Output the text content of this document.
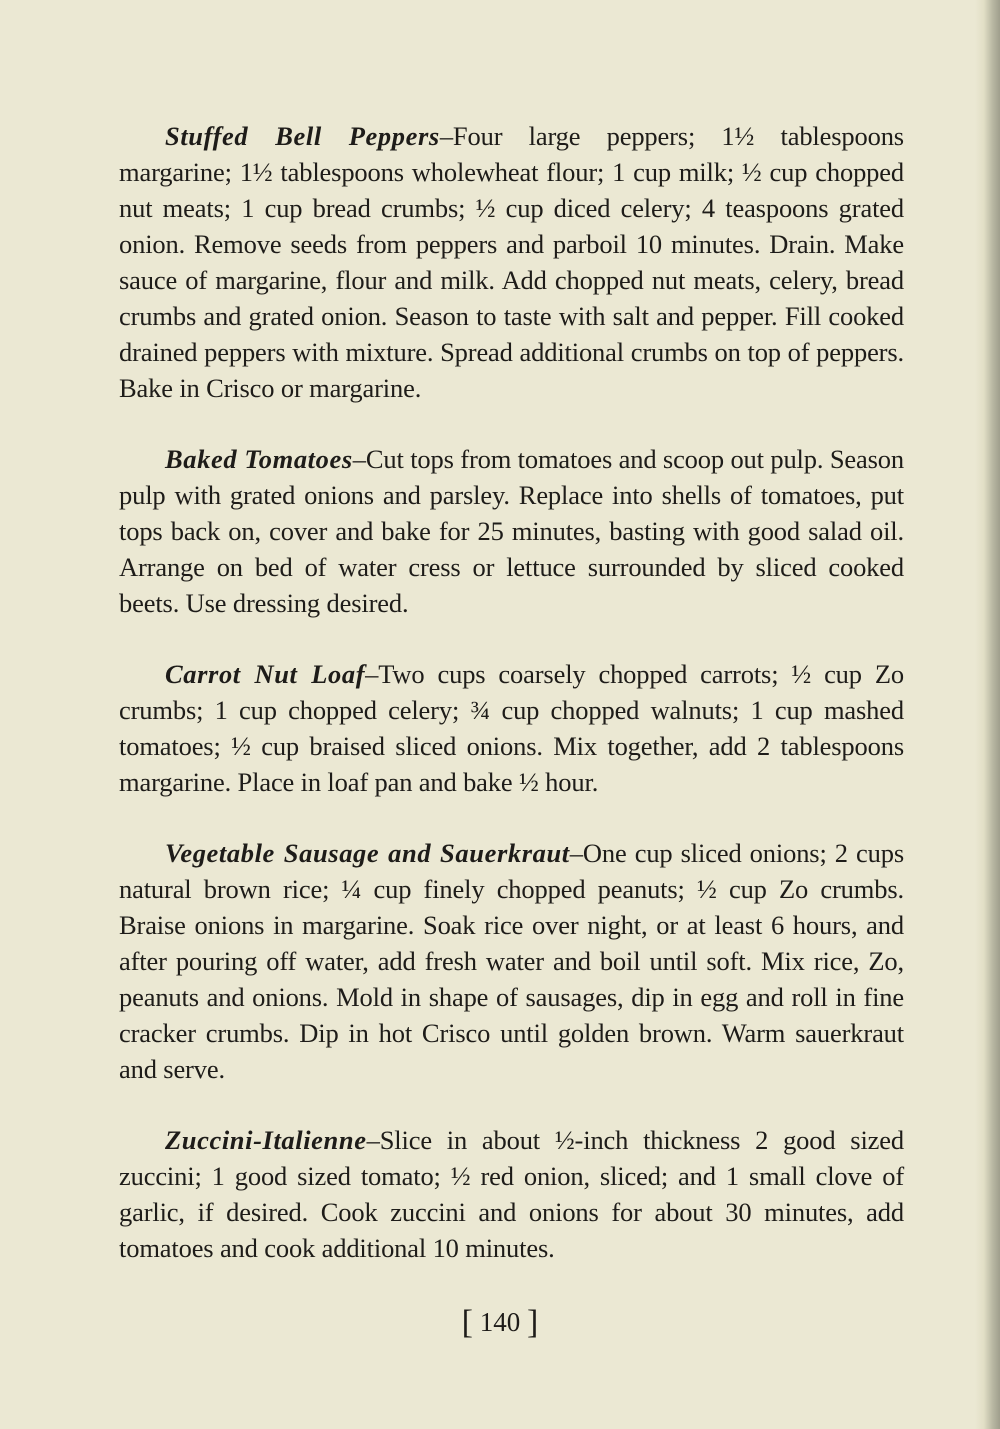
Stuffed Bell Peppers–Four large peppers; 1½ tablespoons margarine; 1½ tablespoons wholewheat flour; 1 cup milk; ½ cup chopped nut meats; 1 cup bread crumbs; ½ cup diced celery; 4 teaspoons grated onion. Remove seeds from peppers and parboil 10 minutes. Drain. Make sauce of margarine, flour and milk. Add chopped nut meats, celery, bread crumbs and grated onion. Season to taste with salt and pepper. Fill cooked drained peppers with mixture. Spread additional crumbs on top of peppers. Bake in Crisco or margarine.

Baked Tomatoes–Cut tops from tomatoes and scoop out pulp. Season pulp with grated onions and parsley. Replace into shells of tomatoes, put tops back on, cover and bake for 25 minutes, basting with good salad oil. Arrange on bed of water cress or lettuce surrounded by sliced cooked beets. Use dressing desired.

Carrot Nut Loaf–Two cups coarsely chopped carrots; ½ cup Zo crumbs; 1 cup chopped celery; ¾ cup chopped walnuts; 1 cup mashed tomatoes; ½ cup braised sliced onions. Mix together, add 2 tablespoons margarine. Place in loaf pan and bake ½ hour.

Vegetable Sausage and Sauerkraut–One cup sliced onions; 2 cups natural brown rice; ¼ cup finely chopped peanuts; ½ cup Zo crumbs. Braise onions in margarine. Soak rice over night, or at least 6 hours, and after pouring off water, add fresh water and boil until soft. Mix rice, Zo, peanuts and onions. Mold in shape of sausages, dip in egg and roll in fine cracker crumbs. Dip in hot Crisco until golden brown. Warm sauerkraut and serve.

Zuccini-Italienne–Slice in about ½-inch thickness 2 good sized zuccini; 1 good sized tomato; ½ red onion, sliced; and 1 small clove of garlic, if desired. Cook zuccini and onions for about 30 minutes, add tomatoes and cook additional 10 minutes.

[ 140 ]
